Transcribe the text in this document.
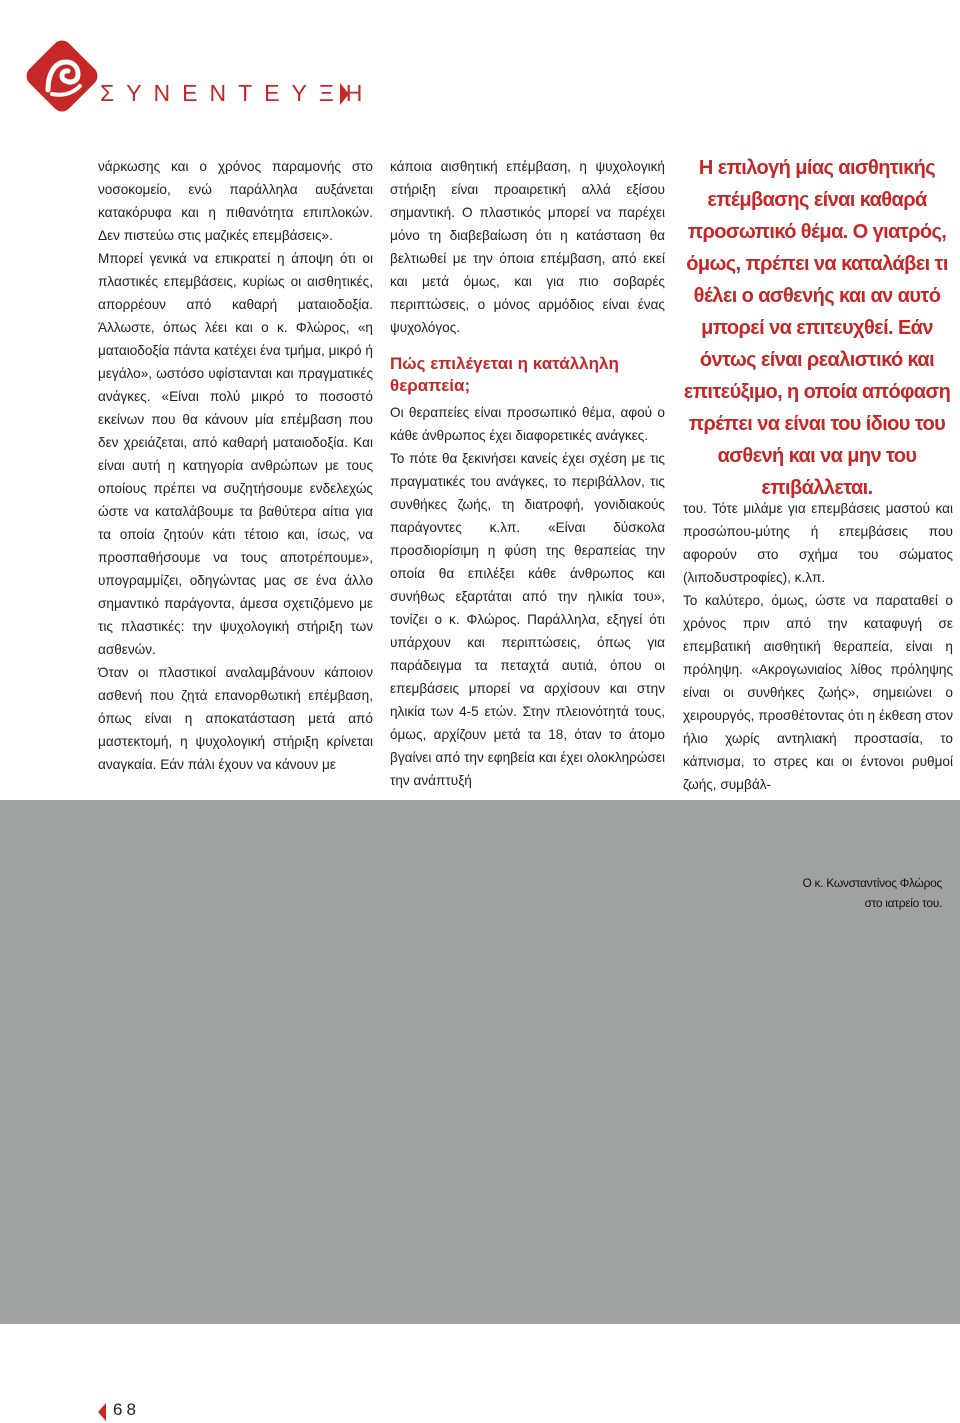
ΣΥΝΕΝΤΕΥΞΗ

νάρκωσης και ο χρόνος παραμονής στο νοσοκομείο, ενώ παράλληλα αυξάνεται κατακόρυφα και η πιθανότητα επιπλοκών. Δεν πιστεύω στις μαζικές επεμβάσεις».

Μπορεί γενικά να επικρατεί η άποψη ότι οι πλαστικές επεμβάσεις, κυρίως οι αισθητικές, απορρέουν από καθαρή ματαιοδοξία. Άλλωστε, όπως λέει και ο κ. Φλώρος, «η ματαιοδοξία πάντα κατέχει ένα τμήμα, μικρό ή μεγάλο», ωστόσο υφίστανται και πραγματικές ανάγκες. «Είναι πολύ μικρό το ποσοστό εκείνων που θα κάνουν μία επέμβαση που δεν χρειάζεται, από καθαρή ματαιοδοξία. Και είναι αυτή η κατηγορία ανθρώπων με τους οποίους πρέπει να συζητήσουμε ενδελεχώς ώστε να καταλάβουμε τα βαθύτερα αίτια για τα οποία ζητούν κάτι τέτοιο και, ίσως, να προσπαθήσουμε να τους αποτρέπουμε», υπογραμμίζει, οδηγώντας μας σε ένα άλλο σημαντικό παράγοντα, άμεσα σχετιζόμενο με τις πλαστικές: την ψυχολογική στήριξη των ασθενών.

Όταν οι πλαστικοί αναλαμβάνουν κάποιον ασθενή που ζητά επανορθωτική επέμβαση, όπως είναι η αποκατάσταση μετά από μαστεκτομή, η ψυχολογική στήριξη κρίνεται αναγκαία. Εάν πάλι έχουν να κάνουν με

κάποια αισθητική επέμβαση, η ψυχολογική στήριξη είναι προαιρετική αλλά εξίσου σημαντική. Ο πλαστικός μπορεί να παρέχει μόνο τη διαβεβαίωση ότι η κατάσταση θα βελτιωθεί με την όποια επέμβαση, από εκεί και μετά όμως, και για πιο σοβαρές περιπτώσεις, ο μόνος αρμόδιος είναι ένας ψυχολόγος.

Πώς επιλέγεται η κατάλληλη θεραπεία;

Οι θεραπείες είναι προσωπικό θέμα, αφού ο κάθε άνθρωπος έχει διαφορετικές ανάγκες.

Το πότε θα ξεκινήσει κανείς έχει σχέση με τις πραγματικές του ανάγκες, το περιβάλλον, τις συνθήκες ζωής, τη διατροφή, γονιδιακούς παράγοντες κ.λπ. «Είναι δύσκολα προσδιορίσιμη η φύση της θεραπείας την οποία θα επιλέξει κάθε άνθρωπος και συνήθως εξαρτάται από την ηλικία του», τονίζει ο κ. Φλώρος. Παράλληλα, εξηγεί ότι υπάρχουν και περιπτώσεις, όπως για παράδειγμα τα πεταχτά αυτιά, όπου οι επεμβάσεις μπορεί να αρχίσουν και στην ηλικία των 4-5 ετών. Στην πλειονότητά τους, όμως, αρχίζουν μετά τα 18, όταν το άτομο βγαίνει από την εφηβεία και έχει ολοκληρώσει την ανάπτυξή

Η επιλογή μίας αισθητικής επέμβασης είναι καθαρά προσωπικό θέμα. Ο γιατρός, όμως, πρέπει να καταλάβει τι θέλει ο ασθενής και αν αυτό μπορεί να επιτευχθεί. Εάν όντως είναι ρεαλιστικό και επιτεύξιμο, η οποία απόφαση πρέπει να είναι του ίδιου του ασθενή και να μην του επιβάλλεται.

του. Τότε μιλάμε για επεμβάσεις μαστού και προσώπου-μύτης ή επεμβάσεις που αφορούν στο σχήμα του σώματος (λιποδυστροφίες), κ.λπ.

Το καλύτερο, όμως, ώστε να παραταθεί ο χρόνος πριν από την καταφυγή σε επεμβατική αισθητική θεραπεία, είναι η πρόληψη. «Ακρογωνιαίος λίθος πρόληψης είναι οι συνθήκες ζωής», σημειώνει ο χειρουργός, προσθέτοντας ότι η έκθεση στον ήλιο χωρίς αντηλιακή προστασία, το κάπνισμα, το στρες και οι έντονοι ρυθμοί ζωής, συμβάλ-

Ο κ. Κωνσταντίνος Φλώρος
στο ιατρείο του.
68
